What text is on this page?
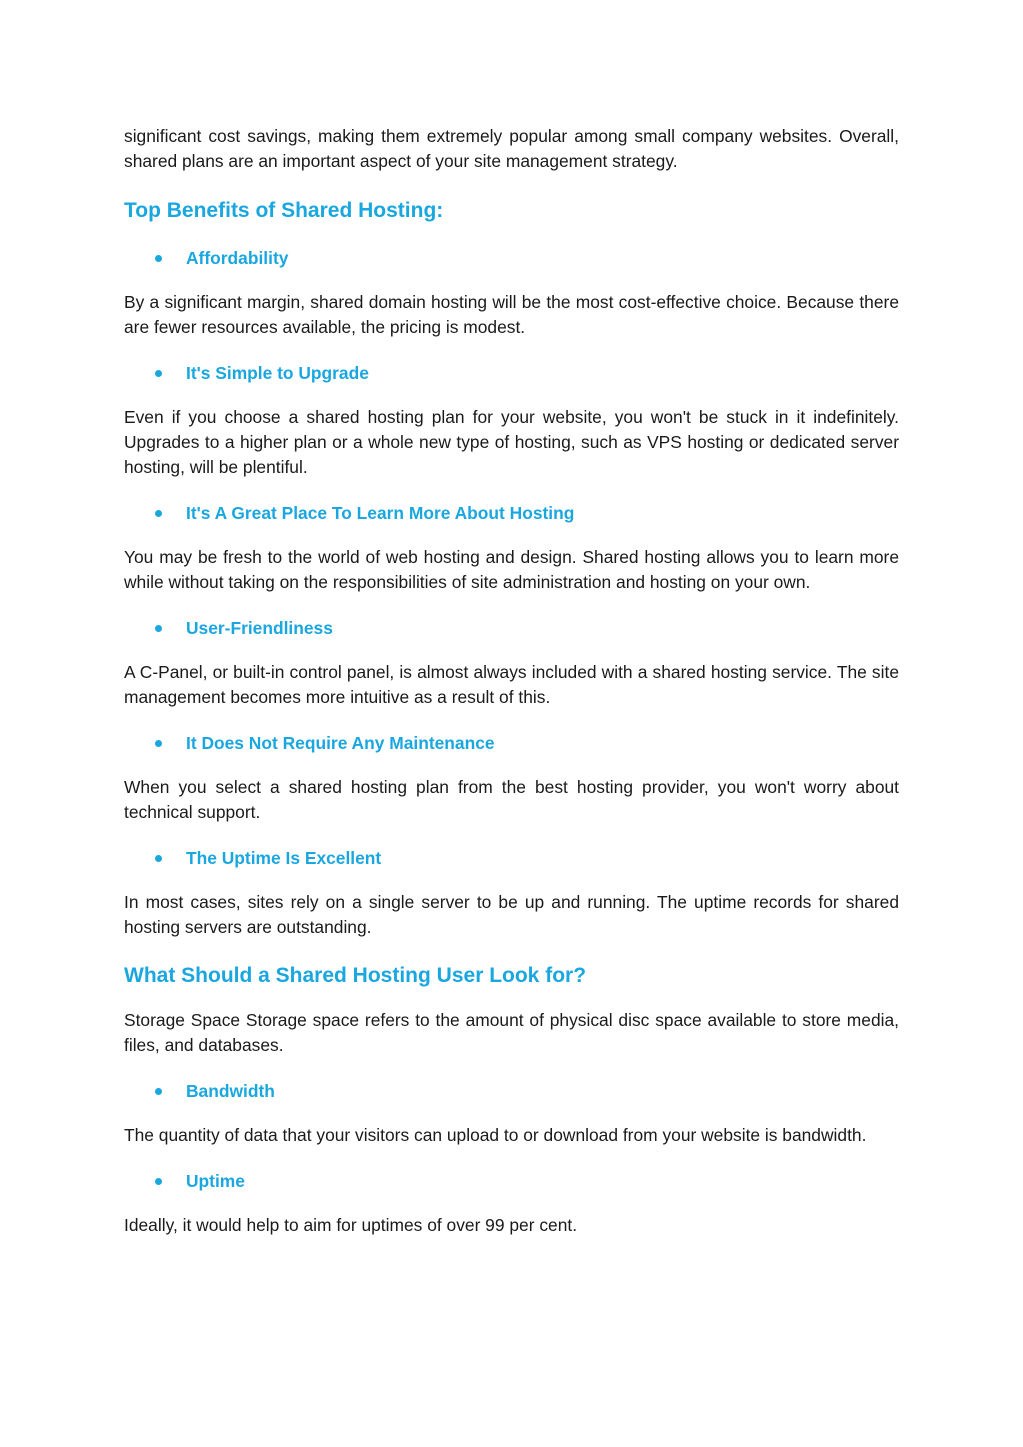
significant cost savings, making them extremely popular among small company websites. Overall, shared plans are an important aspect of your site management strategy.

Top Benefits of Shared Hosting:
Affordability

By a significant margin, shared domain hosting will be the most cost-effective choice. Because there are fewer resources available, the pricing is modest.

It's Simple to Upgrade

Even if you choose a shared hosting plan for your website, you won't be stuck in it indefinitely. Upgrades to a higher plan or a whole new type of hosting, such as VPS hosting or dedicated server hosting, will be plentiful.

It's A Great Place To Learn More About Hosting

You may be fresh to the world of web hosting and design. Shared hosting allows you to learn more while without taking on the responsibilities of site administration and hosting on your own.

User-Friendliness

A C-Panel, or built-in control panel, is almost always included with a shared hosting service. The site management becomes more intuitive as a result of this.

It Does Not Require Any Maintenance

When you select a shared hosting plan from the best hosting provider, you won't worry about technical support.

The Uptime Is Excellent

In most cases, sites rely on a single server to be up and running. The uptime records for shared hosting servers are outstanding.

What Should a Shared Hosting User Look for?

Storage Space Storage space refers to the amount of physical disc space available to store media, files, and databases.

Bandwidth

The quantity of data that your visitors can upload to or download from your website is bandwidth.

Uptime

Ideally, it would help to aim for uptimes of over 99 per cent.
